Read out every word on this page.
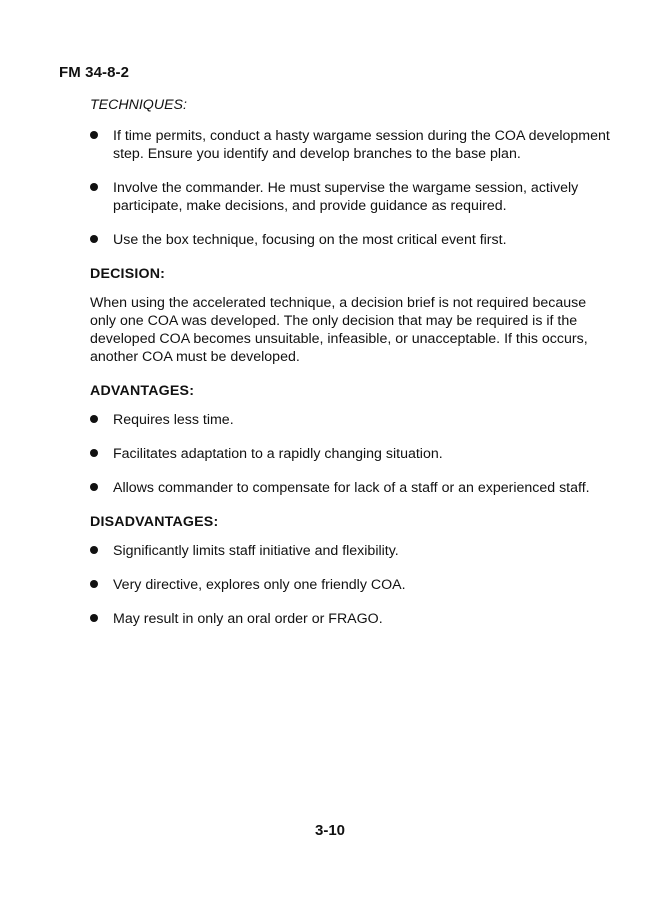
FM 34-8-2
TECHNIQUES:
If time permits, conduct a hasty wargame session during the COA development step. Ensure you identify and develop branches to the base plan.
Involve the commander. He must supervise the wargame session, actively participate, make decisions, and provide guidance as required.
Use the box technique, focusing on the most critical event first.
DECISION:

When using the accelerated technique, a decision brief is not required because only one COA was developed. The only decision that may be required is if the developed COA becomes unsuitable, infeasible, or unacceptable. If this occurs, another COA must be developed.

ADVANTAGES:
Requires less time.
Facilitates adaptation to a rapidly changing situation.
Allows commander to compensate for lack of a staff or an experienced staff.
DISADVANTAGES:
Significantly limits staff initiative and flexibility.
Very directive, explores only one friendly COA.
May result in only an oral order or FRAGO.
3-10
